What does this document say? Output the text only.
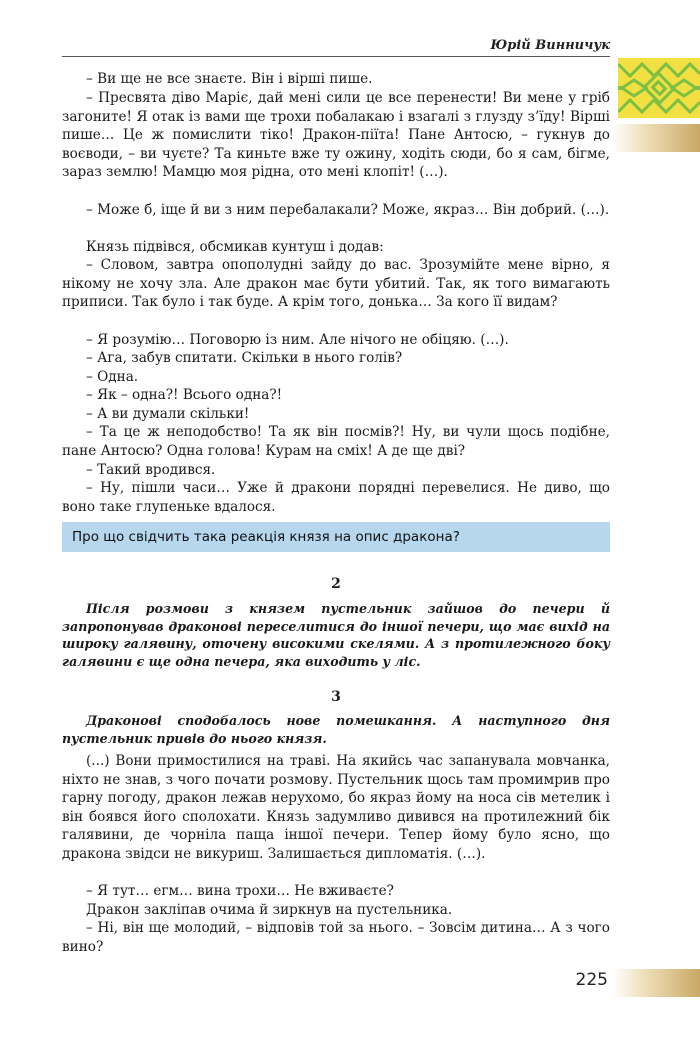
Юрій Винничук

– Ви ще не все знаєте. Він і вірші пише.

– Пресвята діво Маріє, дай мені сили це все перенести! Ви мене у гріб загоните! Я отак із вами ще трохи побалакаю і взагалі з глузду з’їду! Вірші пише… Це ж помислити тіко! Дракон-піїта! Пане Антосю, – гукнув до воєводи, – ви чуєте? Та киньте вже ту ожину, ходіть сюди, бо я сам, бігме, зараз землю! Мамцю моя рідна, ото мені клопіт! (…).

– Може б, іще й ви з ним перебалакали? Може, якраз… Він добрий. (…).

Князь підвівся, обсмикав кунтуш і додав:

– Словом, завтра опополудні зайду до вас. Зрозумійте мене вірно, я нікому не хочу зла. Але дракон має бути убитий. Так, як того вимагають приписи. Так було і так буде. А крім того, донька… За кого її видам?

– Я розумію… Поговорю із ним. Але нічого не обіцяю. (…).

– Ага, забув спитати. Скільки в нього голів?

– Одна.

– Як – одна?! Всього одна?!

– А ви думали скільки!

– Та це ж неподобство! Та як він посмів?! Ну, ви чули щось подібне, пане Антосю? Одна голова! Курам на сміх! А де ще дві?

– Такий вродився.

– Ну, пішли часи… Уже й дракони порядні перевелися. Не диво, що воно таке глупеньке вдалося.

Про що свідчить така реакція князя на опис дракона?
2

Після розмови з князем пустельник зайшов до печери й запропонував драконові переселитися до іншої печери, що має вихід на широку галявину, оточену високими скелями. А з протилежного боку галявини є ще одна печера, яка виходить у ліс.

3

Драконові сподобалось нове помешкання. А наступного дня пустельник привів до нього князя.

(...) Вони примостилися на траві. На якийсь час запанувала мовчанка, ніхто не знав, з чого почати розмову. Пустельник щось там промимрив про гарну погоду, дракон лежав нерухомо, бо якраз йому на носа сів метелик і він боявся його сполохати. Князь задумливо дивився на протилежний бік галявини, де чорніла паща іншої печери. Тепер йому було ясно, що дракона звідси не викуриш. Залишається дипломатія. (…).

– Я тут… егм… вина трохи… Не вживаєте?

Дракон закліпав очима й зиркнув на пустельника.

– Ні, він ще молодий, – відповів той за нього. – Зовсім дитина… А з чого вино?

225
